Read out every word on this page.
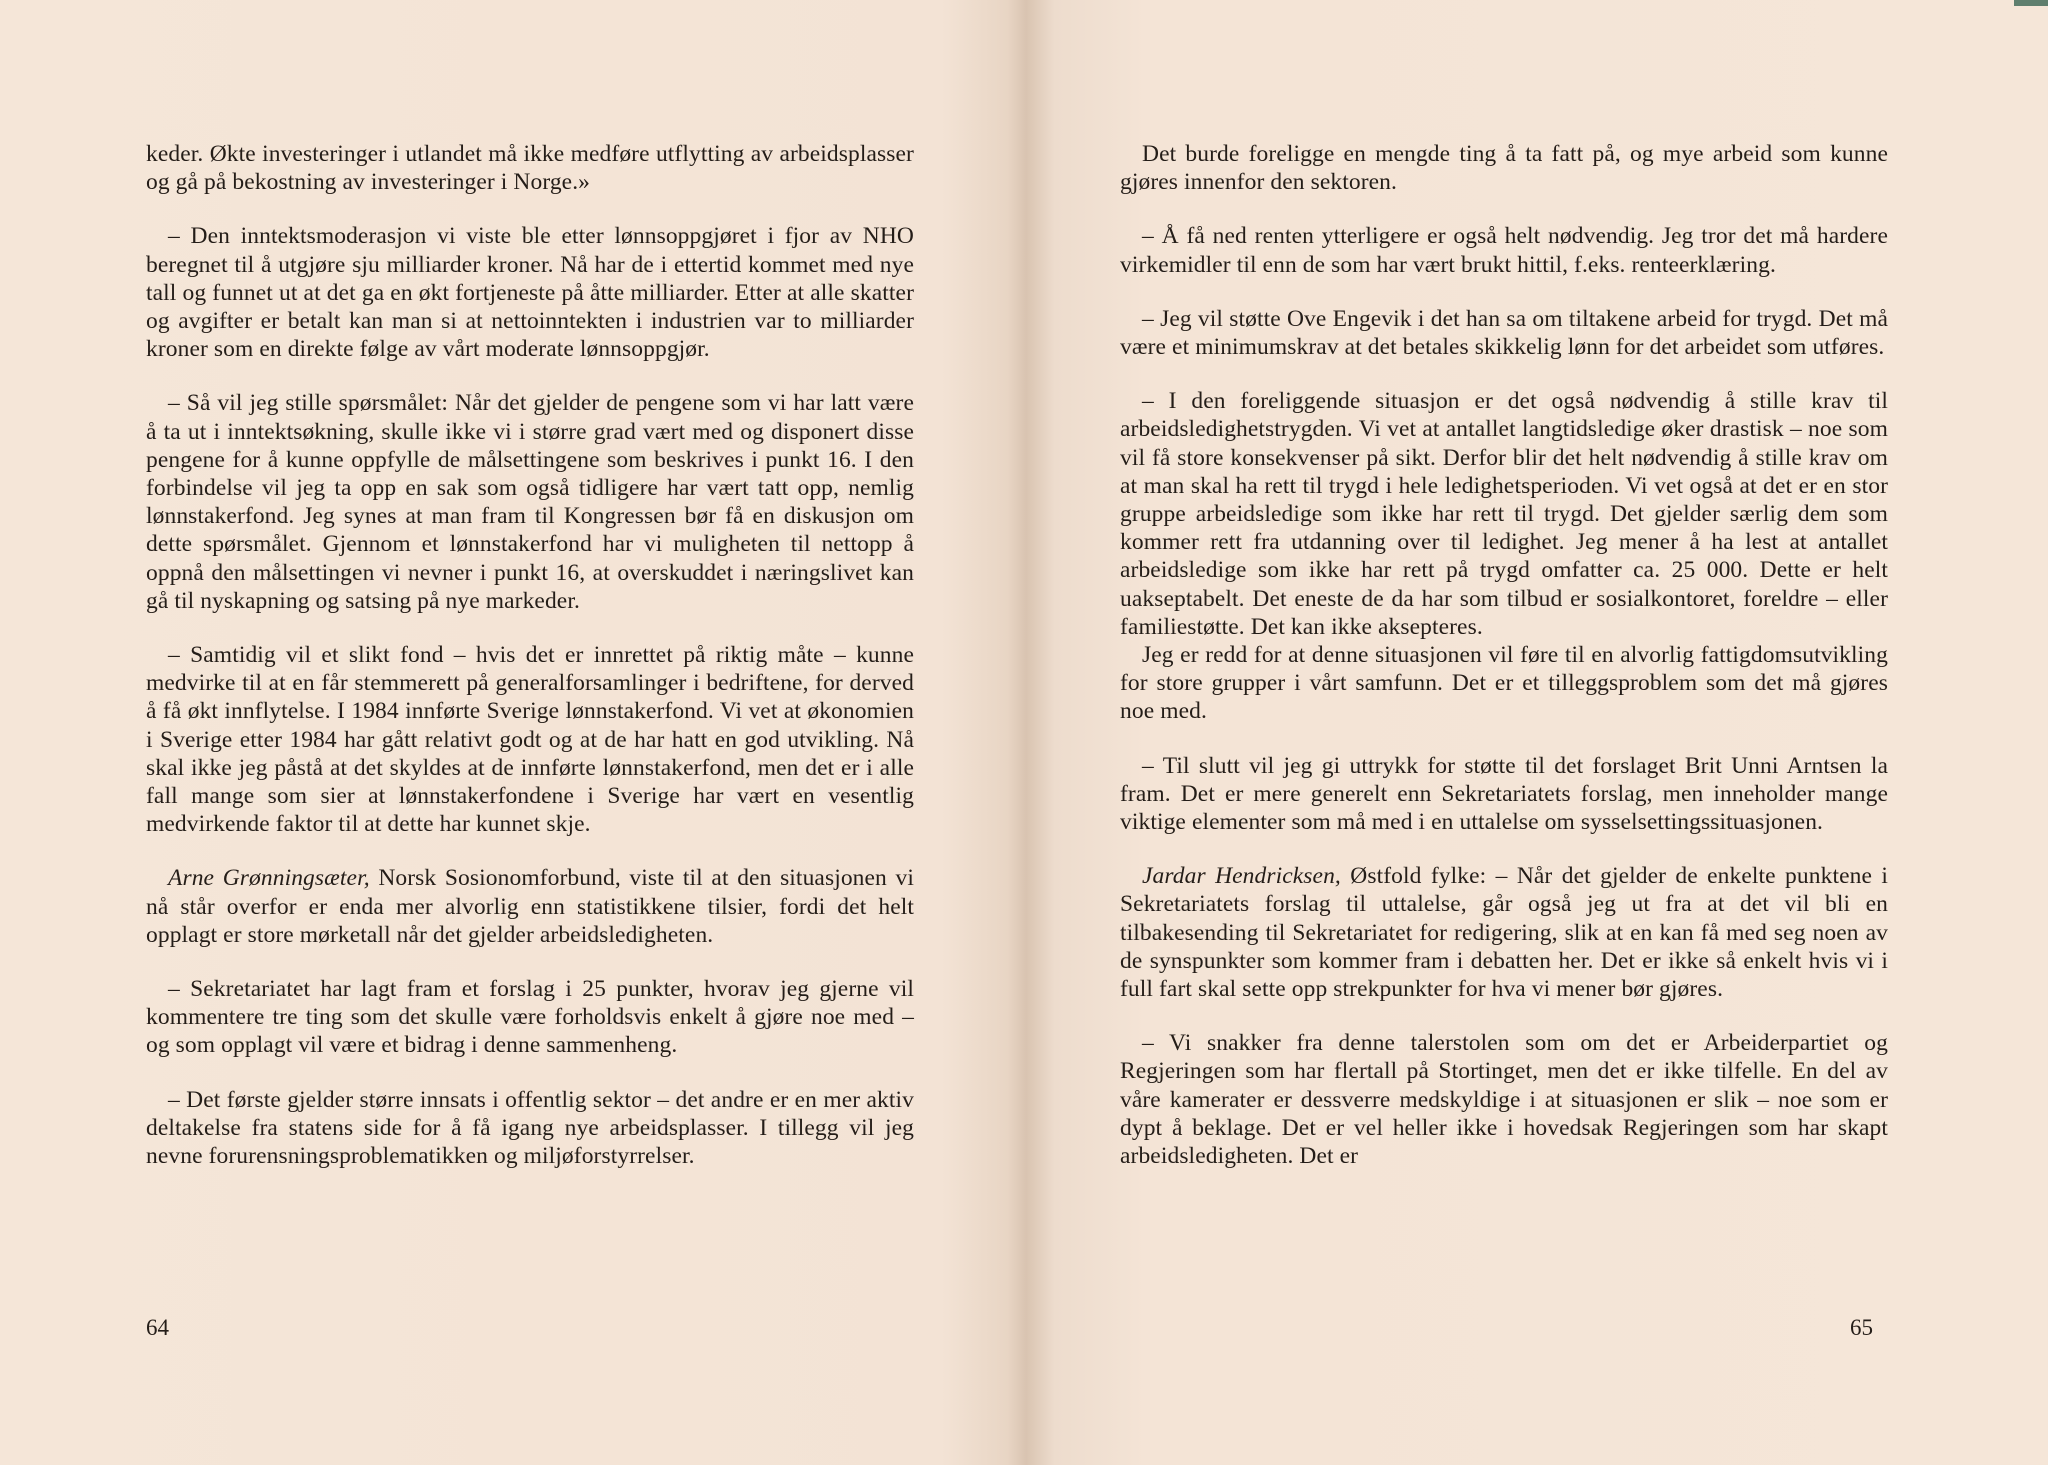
keder. Økte investeringer i utlandet må ikke medføre utflytting av arbeidsplasser og gå på bekostning av investeringer i Norge.»

– Den inntektsmoderasjon vi viste ble etter lønnsoppgjøret i fjor av NHO beregnet til å utgjøre sju milliarder kroner. Nå har de i ettertid kommet med nye tall og funnet ut at det ga en økt fortjeneste på åtte milliarder. Etter at alle skatter og avgifter er betalt kan man si at nettoinntekten i industrien var to milliarder kroner som en direkte følge av vårt moderate lønnsoppgjør.

– Så vil jeg stille spørsmålet: Når det gjelder de pengene som vi har latt være å ta ut i inntektsøkning, skulle ikke vi i større grad vært med og disponert disse pengene for å kunne oppfylle de målsettingene som beskrives i punkt 16. I den forbindelse vil jeg ta opp en sak som også tidligere har vært tatt opp, nemlig lønnstakerfond. Jeg synes at man fram til Kongressen bør få en diskusjon om dette spørsmålet. Gjennom et lønnstakerfond har vi muligheten til nettopp å oppnå den målsettingen vi nevner i punkt 16, at overskuddet i næringslivet kan gå til nyskapning og satsing på nye markeder.

– Samtidig vil et slikt fond – hvis det er innrettet på riktig måte – kunne medvirke til at en får stemmerett på generalforsamlinger i bedriftene, for derved å få økt innflytelse. I 1984 innførte Sverige lønnstakerfond. Vi vet at økonomien i Sverige etter 1984 har gått relativt godt og at de har hatt en god utvikling. Nå skal ikke jeg påstå at det skyldes at de innførte lønnstakerfond, men det er i alle fall mange som sier at lønnstakerfondene i Sverige har vært en vesentlig medvirkende faktor til at dette har kunnet skje.

Arne Grønningsæter, Norsk Sosionomforbund, viste til at den situasjonen vi nå står overfor er enda mer alvorlig enn statistikkene tilsier, fordi det helt opplagt er store mørketall når det gjelder arbeidsledigheten.

– Sekretariatet har lagt fram et forslag i 25 punkter, hvorav jeg gjerne vil kommentere tre ting som det skulle være forholdsvis enkelt å gjøre noe med – og som opplagt vil være et bidrag i denne sammenheng.

– Det første gjelder større innsats i offentlig sektor – det andre er en mer aktiv deltakelse fra statens side for å få igang nye arbeidsplasser. I tillegg vil jeg nevne forurensningsproblematikken og miljøforstyrrelser.

64

Det burde foreligge en mengde ting å ta fatt på, og mye arbeid som kunne gjøres innenfor den sektoren.

– Å få ned renten ytterligere er også helt nødvendig. Jeg tror det må hardere virkemidler til enn de som har vært brukt hittil, f.eks. renteerklæring.

– Jeg vil støtte Ove Engevik i det han sa om tiltakene arbeid for trygd. Det må være et minimumskrav at det betales skikkelig lønn for det arbeidet som utføres.

– I den foreliggende situasjon er det også nødvendig å stille krav til arbeidsledighetstrygden. Vi vet at antallet langtidsledige øker drastisk – noe som vil få store konsekvenser på sikt. Derfor blir det helt nødvendig å stille krav om at man skal ha rett til trygd i hele ledighetsperioden. Vi vet også at det er en stor gruppe arbeidsledige som ikke har rett til trygd. Det gjelder særlig dem som kommer rett fra utdanning over til ledighet. Jeg mener å ha lest at antallet arbeidsledige som ikke har rett på trygd omfatter ca. 25 000. Dette er helt uakseptabelt. Det eneste de da har som tilbud er sosialkontoret, foreldre – eller familiestøtte. Det kan ikke aksepteres.

Jeg er redd for at denne situasjonen vil føre til en alvorlig fattigdomsutvikling for store grupper i vårt samfunn. Det er et tilleggsproblem som det må gjøres noe med.

– Til slutt vil jeg gi uttrykk for støtte til det forslaget Brit Unni Arntsen la fram. Det er mere generelt enn Sekretariatets forslag, men inneholder mange viktige elementer som må med i en uttalelse om sysselsettingssituasjonen.

Jardar Hendricksen, Østfold fylke: – Når det gjelder de enkelte punktene i Sekretariatets forslag til uttalelse, går også jeg ut fra at det vil bli en tilbakesending til Sekretariatet for redigering, slik at en kan få med seg noen av de synspunkter som kommer fram i debatten her. Det er ikke så enkelt hvis vi i full fart skal sette opp strekpunkter for hva vi mener bør gjøres.

– Vi snakker fra denne talerstolen som om det er Arbeiderpartiet og Regjeringen som har flertall på Stortinget, men det er ikke tilfelle. En del av våre kamerater er dessverre medskyldige i at situasjonen er slik – noe som er dypt å beklage. Det er vel heller ikke i hovedsak Regjeringen som har skapt arbeidsledigheten. Det er

65
